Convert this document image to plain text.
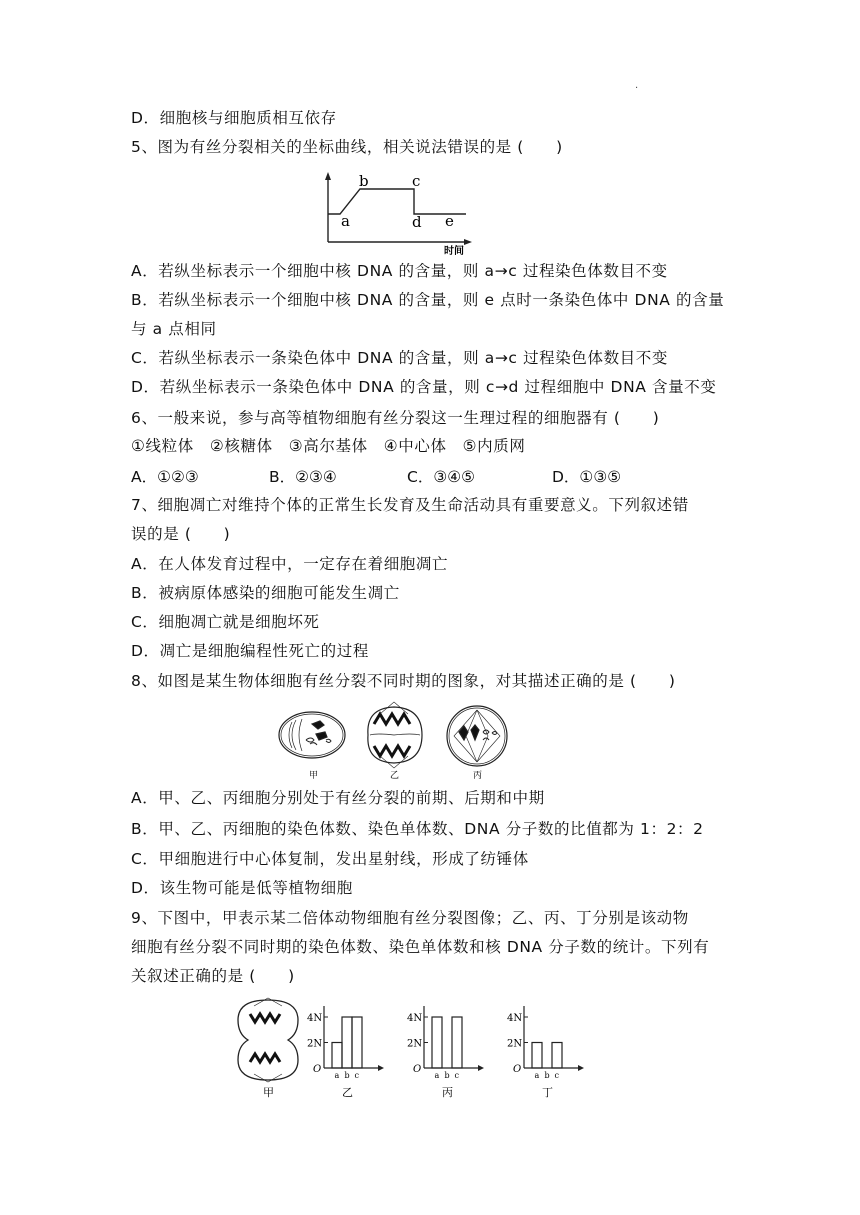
.
D．细胞核与细胞质相互依存
5、图为有丝分裂相关的坐标曲线，相关说法错误的是 (　　)
a
b	c
d e
时间
A．若纵坐标表示一个细胞中核 DNA 的含量，则 a→c 过程染色体数目不变
B．若纵坐标表示一个细胞中核 DNA 的含量，则 e 点时一条染色体中 DNA 的含量
与 a 点相同
C．若纵坐标表示一条染色体中 DNA 的含量，则 a→c 过程染色体数目不变
D．若纵坐标表示一条染色体中 DNA 的含量，则 c→d 过程细胞中 DNA 含量不变
6、一般来说，参与高等植物细胞有丝分裂这一生理过程的细胞器有 (　　)
①线粒体　②核糖体　③高尔基体　④中心体　⑤内质网
A．①②③	B．②③④	C．③④⑤	D．①③⑤
7、细胞凋亡对维持个体的正常生长发育及生命活动具有重要意义。下列叙述错
误的是 (　　)
A．在人体发育过程中，一定存在着细胞凋亡
B．被病原体感染的细胞可能发生凋亡
C．细胞凋亡就是细胞坏死
D．凋亡是细胞编程性死亡的过程
8、如图是某生物体细胞有丝分裂不同时期的图象，对其描述正确的是 (　　)
甲	乙	丙
A．甲、乙、丙细胞分别处于有丝分裂的前期、后期和中期
B．甲、乙、丙细胞的染色体数、染色单体数、DNA 分子数的比值都为 1：2：2
C．甲细胞进行中心体复制，发出星射线，形成了纺锤体
D．该生物可能是低等植物细胞
9、下图中，甲表示某二倍体动物细胞有丝分裂图像；乙、丙、丁分别是该动物
细胞有丝分裂不同时期的染色体数、染色单体数和核 DNA 分子数的统计。下列有
关叙述正确的是 (　　)
甲
4N
2N
O
a b c
乙
4N
2N
O
a b c
丙
4N
2N
O
a b c
丁
